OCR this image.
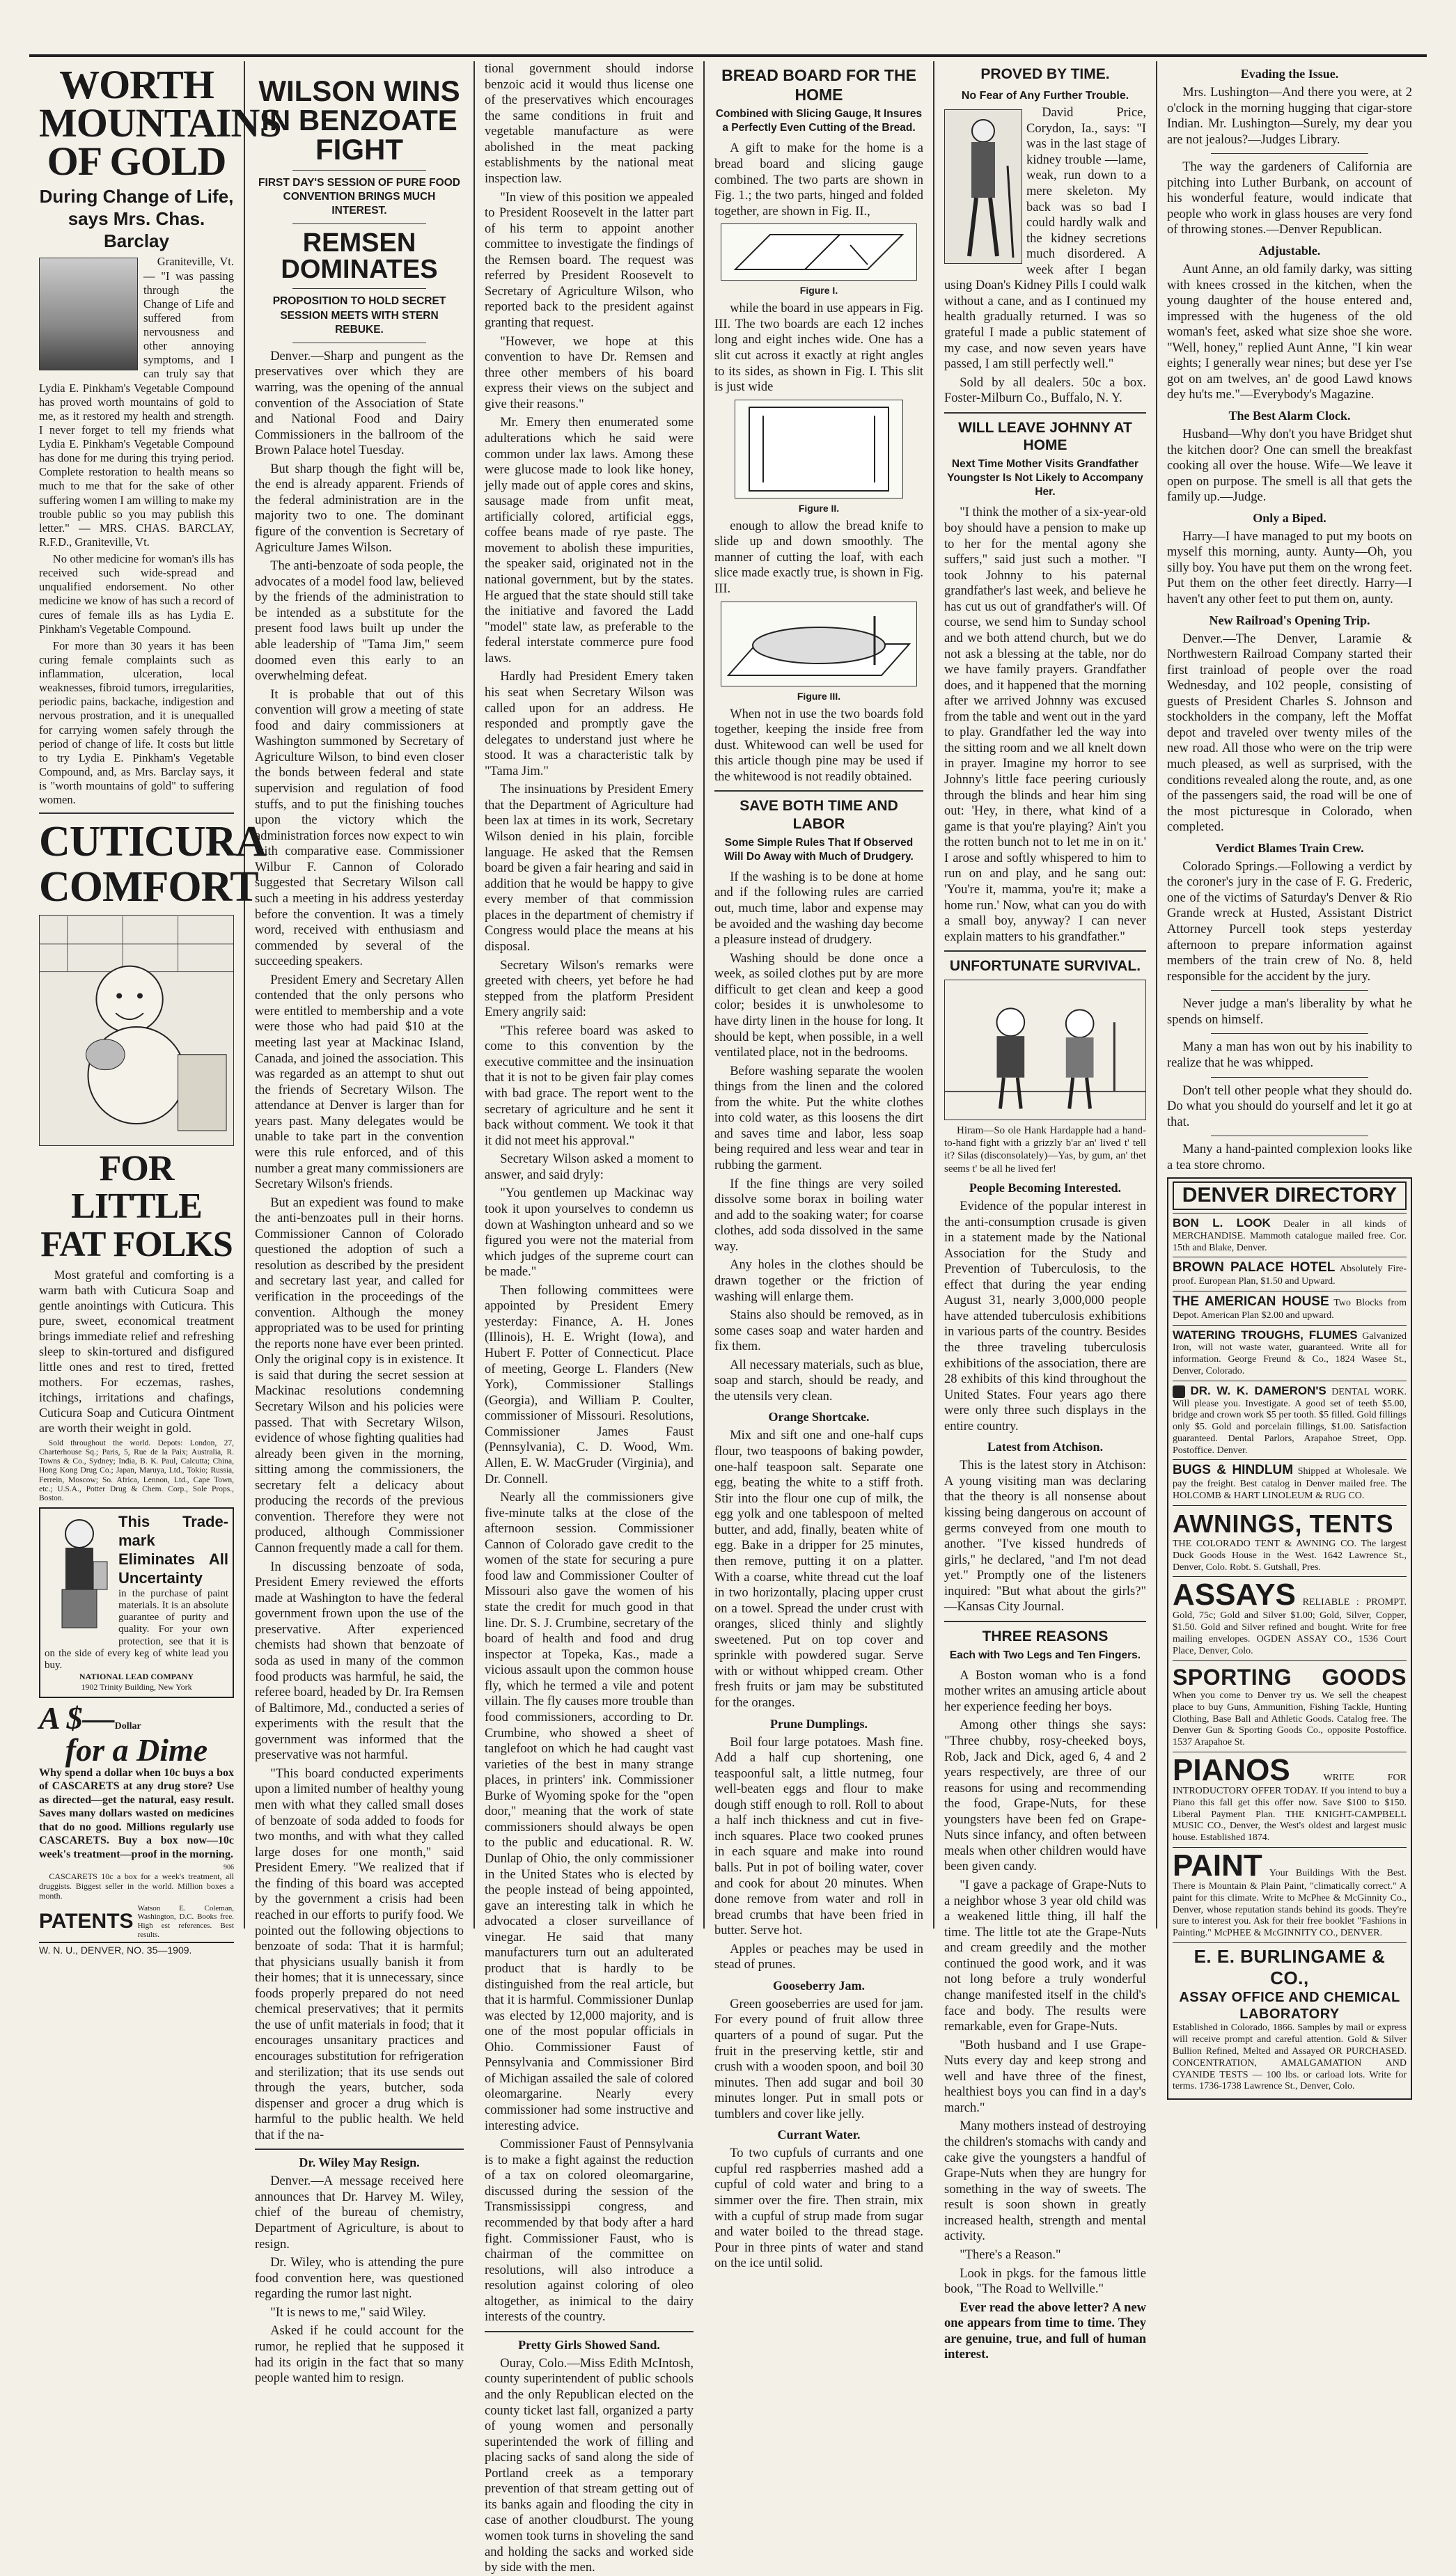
WORTH MOUNTAINS OF GOLD
During Change of Life, says Mrs. Chas. Barclay

Graniteville, Vt. — "I was passing through the Change of Life and suffered from nervousness and other annoying symptoms, and I can truly say that Lydia E. Pinkham's Vegetable Compound has proved worth mountains of gold to me, as it restored my health and strength. I never forget to tell my friends what Lydia E. Pinkham's Vegetable Compound has done for me during this trying period. Complete restoration to health means so much to me that for the sake of other suffering women I am willing to make my trouble public so you may publish this letter." — MRS. CHAS. BARCLAY, R.F.D., Graniteville, Vt.

No other medicine for woman's ills has received such wide-spread and unqualified endorsement. No other medicine we know of has such a record of cures of female ills as has Lydia E. Pinkham's Vegetable Compound.

For more than 30 years it has been curing female complaints such as inflammation, ulceration, local weaknesses, fibroid tumors, irregularities, periodic pains, backache, indigestion and nervous prostration, and it is unequalled for carrying women safely through the period of change of life. It costs but little to try Lydia E. Pinkham's Vegetable Compound, and, as Mrs. Barclay says, it is "worth mountains of gold" to suffering women.

CUTICURA COMFORT
FOR LITTLE FAT FOLKS

Most grateful and comforting is a warm bath with Cuticura Soap and gentle anointings with Cuticura. This pure, sweet, economical treatment brings immediate relief and refreshing sleep to skin-tortured and disfigured little ones and rest to tired, fretted mothers. For eczemas, rashes, itchings, irritations and chafings, Cuticura Soap and Cuticura Ointment are worth their weight in gold.

Sold throughout the world. Depots: London, 27, Charterhouse Sq.; Paris, 5, Rue de la Paix; Australia, R. Towns & Co., Sydney; India, B. K. Paul, Calcutta; China, Hong Kong Drug Co.; Japan, Maruya, Ltd., Tokio; Russia, Ferrein, Moscow; So. Africa, Lennon, Ltd., Cape Town, etc.; U.S.A., Potter Drug & Chem. Corp., Sole Props., Boston.

This Trade-mark Eliminates All Uncertainty
in the purchase of paint materials. It is an absolute guarantee of purity and quality. For your own protection, see that it is on the side of every keg of white lead you buy.
NATIONAL LEAD COMPANY
1902 Trinity Building, New York
A $—Dollar
for a Dime

Why spend a dollar when 10c buys a box of CASCARETS at any drug store? Use as directed—get the natural, easy result. Saves many dollars wasted on medicines that do no good. Millions regularly use CASCARETS. Buy a box now—10c week's treatment—proof in the morning.

906

CASCARETS 10c a box for a week's treatment, all druggists. Biggest seller in the world. Million boxes a month.

PATENTS
Watson E. Coleman, Washington, D.C. Books free. High est references. Best results.
W. N. U., DENVER, NO. 35—1909.
WILSON WINS IN BENZOATE FIGHT
FIRST DAY'S SESSION OF PURE FOOD CONVENTION BRINGS MUCH INTEREST.
REMSEN DOMINATES
PROPOSITION TO HOLD SECRET SESSION MEETS WITH STERN REBUKE.

Denver.—Sharp and pungent as the preservatives over which they are warring, was the opening of the annual convention of the Association of State and National Food and Dairy Commissioners in the ballroom of the Brown Palace hotel Tuesday.

But sharp though the fight will be, the end is already apparent. Friends of the federal administration are in the majority two to one. The dominant figure of the convention is Secretary of Agriculture James Wilson.

The anti-benzoate of soda people, the advocates of a model food law, believed by the friends of the administration to be intended as a substitute for the present food laws built up under the able leadership of "Tama Jim," seem doomed even this early to an overwhelming defeat.

It is probable that out of this convention will grow a meeting of state food and dairy commissioners at Washington summoned by Secretary of Agriculture Wilson, to bind even closer the bonds between federal and state supervision and regulation of food stuffs, and to put the finishing touches upon the victory which the administration forces now expect to win with comparative ease. Commissioner Wilbur F. Cannon of Colorado suggested that Secretary Wilson call such a meeting in his address yesterday before the convention. It was a timely word, received with enthusiasm and commended by several of the succeeding speakers.

President Emery and Secretary Allen contended that the only persons who were entitled to membership and a vote were those who had paid $10 at the meeting last year at Mackinac Island, Canada, and joined the association. This was regarded as an attempt to shut out the friends of Secretary Wilson. The attendance at Denver is larger than for years past. Many delegates would be unable to take part in the convention were this rule enforced, and of this number a great many commissioners are Secretary Wilson's friends.

But an expedient was found to make the anti-benzoates pull in their horns. Commissioner Cannon of Colorado questioned the adoption of such a resolution as described by the president and secretary last year, and called for verification in the proceedings of the convention. Although the money appropriated was to be used for printing the reports none have ever been printed. Only the original copy is in existence. It is said that during the secret session at Mackinac resolutions condemning Secretary Wilson and his policies were passed. That with Secretary Wilson, evidence of whose fighting qualities had already been given in the morning, sitting among the commissioners, the secretary felt a delicacy about producing the records of the previous convention. Therefore they were not produced, although Commissioner Cannon frequently made a call for them.

In discussing benzoate of soda, President Emery reviewed the efforts made at Washington to have the federal government frown upon the use of the preservative. After experienced chemists had shown that benzoate of soda as used in many of the common food products was harmful, he said, the referee board, headed by Dr. Ira Remsen of Baltimore, Md., conducted a series of experiments with the result that the government was informed that the preservative was not harmful.

"This board conducted experiments upon a limited number of healthy young men with what they called small doses of benzoate of soda added to foods for two months, and with what they called large doses for one month," said President Emery. "We realized that if the finding of this board was accepted by the government a crisis had been reached in our efforts to purify food. We pointed out the following objections to benzoate of soda: That it is harmful; that physicians usually banish it from their homes; that it is unnecessary, since foods properly prepared do not need chemical preservatives; that it permits the use of unfit materials in food; that it encourages unsanitary practices and encourages substitution for refrigeration and sterilization; that its use sends out through the years, butcher, soda dispenser and grocer a drug which is harmful to the public health. We held that if the na-

Dr. Wiley May Resign.

Denver.—A message received here announces that Dr. Harvey M. Wiley, chief of the bureau of chemistry, Department of Agriculture, is about to resign.

Dr. Wiley, who is attending the pure food convention here, was questioned regarding the rumor last night.

"It is news to me," said Wiley.

Asked if he could account for the rumor, he replied that he supposed it had its origin in the fact that so many people wanted him to resign.

tional government should indorse benzoic acid it would thus license one of the preservatives which encourages the same conditions in fruit and vegetable manufacture as were abolished in the meat packing establishments by the national meat inspection law.

"In view of this position we appealed to President Roosevelt in the latter part of his term to appoint another committee to investigate the findings of the Remsen board. The request was referred by President Roosevelt to Secretary of Agriculture Wilson, who reported back to the president against granting that request.

"However, we hope at this convention to have Dr. Remsen and three other members of his board express their views on the subject and give their reasons."

Mr. Emery then enumerated some adulterations which he said were common under lax laws. Among these were glucose made to look like honey, jelly made out of apple cores and skins, sausage made from unfit meat, artificially colored, artificial eggs, coffee beans made of rye paste. The movement to abolish these impurities, the speaker said, originated not in the national government, but by the states. He argued that the state should still take the initiative and favored the Ladd "model" state law, as preferable to the federal interstate commerce pure food laws.

Hardly had President Emery taken his seat when Secretary Wilson was called upon for an address. He responded and promptly gave the delegates to understand just where he stood. It was a characteristic talk by "Tama Jim."

The insinuations by President Emery that the Department of Agriculture had been lax at times in its work, Secretary Wilson denied in his plain, forcible language. He asked that the Remsen board be given a fair hearing and said in addition that he would be happy to give every member of that commission places in the department of chemistry if Congress would place the means at his disposal.

Secretary Wilson's remarks were greeted with cheers, yet before he had stepped from the platform President Emery angrily said:

"This referee board was asked to come to this convention by the executive committee and the insinuation that it is not to be given fair play comes with bad grace. The report went to the secretary of agriculture and he sent it back without comment. We took it that it did not meet his approval."

Secretary Wilson asked a moment to answer, and said dryly:

"You gentlemen up Mackinac way took it upon yourselves to condemn us down at Washington unheard and so we figured you were not the material from which judges of the supreme court can be made."

Then following committees were appointed by President Emery yesterday: Finance, A. H. Jones (Illinois), H. E. Wright (Iowa), and Hubert F. Potter of Connecticut. Place of meeting, George L. Flanders (New York), Commissioner Stallings (Georgia), and William P. Coulter, commissioner of Missouri. Resolutions, Commissioner James Faust (Pennsylvania), C. D. Wood, Wm. Allen, E. W. MacGruder (Virginia), and Dr. Connell.

Nearly all the commissioners give five-minute talks at the close of the afternoon session. Commissioner Cannon of Colorado gave credit to the women of the state for securing a pure food law and Commissioner Coulter of Missouri also gave the women of his state the credit for much good in that line. Dr. S. J. Crumbine, secretary of the board of health and food and drug inspector at Topeka, Kas., made a vicious assault upon the common house fly, which he termed a vile and potent villain. The fly causes more trouble than food commissioners, according to Dr. Crumbine, who showed a sheet of tanglefoot on which he had caught vast varieties of the best in many strange places, in printers' ink. Commissioner Burke of Wyoming spoke for the "open door," meaning that the work of state commissioners should always be open to the public and educational. R. W. Dunlap of Ohio, the only commissioner in the United States who is elected by the people instead of being appointed, gave an interesting talk in which he advocated a closer surveillance of vinegar. He said that many manufacturers turn out an adulterated product that is hardly to be distinguished from the real article, but that it is harmful. Commissioner Dunlap was elected by 12,000 majority, and is one of the most popular officials in Ohio. Commissioner Faust of Pennsylvania and Commissioner Bird of Michigan assailed the sale of colored oleomargarine. Nearly every commissioner had some instructive and interesting advice.

Commissioner Faust of Pennsylvania is to make a fight against the reduction of a tax on colored oleomargarine, discussed during the session of the Transmississippi congress, and recommended by that body after a hard fight. Commissioner Faust, who is chairman of the committee on resolutions, will also introduce a resolution against coloring of oleo altogether, as inimical to the dairy interests of the country.

Pretty Girls Showed Sand.

Ouray, Colo.—Miss Edith McIntosh, county superintendent of public schools and the only Republican elected on the county ticket last fall, organized a party of young women and personally superintended the work of filling and placing sacks of sand along the side of Portland creek as a temporary prevention of that stream getting out of its banks again and flooding the city in case of another cloudburst. The young women took turns in shoveling the sand and holding the sacks and worked side by side with the men.

BREAD BOARD FOR THE HOME
Combined with Slicing Gauge, It Insures a Perfectly Even Cutting of the Bread.

A gift to make for the home is a bread board and slicing gauge combined. The two parts are shown in Fig. 1.; the two parts, hinged and folded together, are shown in Fig. II.,

Figure I.

while the board in use appears in Fig. III. The two boards are each 12 inches long and eight inches wide. One has a slit cut across it exactly at right angles to its sides, as shown in Fig. I. This slit is just wide

Figure II.

enough to allow the bread knife to slide up and down smoothly. The manner of cutting the loaf, with each slice made exactly true, is shown in Fig. III.

Figure III.

When not in use the two boards fold together, keeping the inside free from dust. Whitewood can well be used for this article though pine may be used if the whitewood is not readily obtained.

SAVE BOTH TIME AND LABOR
Some Simple Rules That If Observed Will Do Away with Much of Drudgery.

If the washing is to be done at home and if the following rules are carried out, much time, labor and expense may be avoided and the washing day become a pleasure instead of drudgery.

Washing should be done once a week, as soiled clothes put by are more difficult to get clean and keep a good color; besides it is unwholesome to have dirty linen in the house for long. It should be kept, when possible, in a well ventilated place, not in the bedrooms.

Before washing separate the woolen things from the linen and the colored from the white. Put the white clothes into cold water, as this loosens the dirt and saves time and labor, less soap being required and less wear and tear in rubbing the garment.

If the fine things are very soiled dissolve some borax in boiling water and add to the soaking water; for coarse clothes, add soda dissolved in the same way.

Any holes in the clothes should be drawn together or the friction of washing will enlarge them.

Stains also should be removed, as in some cases soap and water harden and fix them.

All necessary materials, such as blue, soap and starch, should be ready, and the utensils very clean.

Orange Shortcake.

Mix and sift one and one-half cups flour, two teaspoons of baking powder, one-half teaspoon salt. Separate one egg, beating the white to a stiff froth. Stir into the flour one cup of milk, the egg yolk and one tablespoon of melted butter, and add, finally, beaten white of egg. Bake in a dripper for 25 minutes, then remove, putting it on a platter. With a coarse, white thread cut the loaf in two horizontally, placing upper crust on a towel. Spread the under crust with oranges, sliced thinly and slightly sweetened. Put on top cover and sprinkle with powdered sugar. Serve with or without whipped cream. Other fresh fruits or jam may be substituted for the oranges.

Prune Dumplings.

Boil four large potatoes. Mash fine. Add a half cup shortening, one teaspoonful salt, a little nutmeg, four well-beaten eggs and flour to make dough stiff enough to roll. Roll to about a half inch thickness and cut in five-inch squares. Place two cooked prunes in each square and make into round balls. Put in pot of boiling water, cover and cook for about 20 minutes. When done remove from water and roll in bread crumbs that have been fried in butter. Serve hot.

Apples or peaches may be used in stead of prunes.

Gooseberry Jam.

Green gooseberries are used for jam. For every pound of fruit allow three quarters of a pound of sugar. Put the fruit in the preserving kettle, stir and crush with a wooden spoon, and boil 30 minutes. Then add sugar and boil 30 minutes longer. Put in small pots or tumblers and cover like jelly.

Currant Water.

To two cupfuls of currants and one cupful red raspberries mashed add a cupful of cold water and bring to a simmer over the fire. Then strain, mix with a cupful of strup made from sugar and water boiled to the thread stage. Pour in three pints of water and stand on the ice until solid.

PROVED BY TIME.
No Fear of Any Further Trouble.

David Price, Corydon, Ia., says: "I was in the last stage of kidney trouble —lame, weak, run down to a mere skeleton. My back was so bad I could hardly walk and the kidney secretions much disordered. A week after I began using Doan's Kidney Pills I could walk without a cane, and as I continued my health gradually returned. I was so grateful I made a public statement of my case, and now seven years have passed, I am still perfectly well."

Sold by all dealers. 50c a box. Foster-Milburn Co., Buffalo, N. Y.

WILL LEAVE JOHNNY AT HOME
Next Time Mother Visits Grandfather Youngster Is Not Likely to Accompany Her.

"I think the mother of a six-year-old boy should have a pension to make up to her for the mental agony she suffers," said just such a mother. "I took Johnny to his paternal grandfather's last week, and believe he has cut us out of grandfather's will. Of course, we send him to Sunday school and we both attend church, but we do not ask a blessing at the table, nor do we have family prayers. Grandfather does, and it happened that the morning after we arrived Johnny was excused from the table and went out in the yard to play. Grandfather led the way into the sitting room and we all knelt down in prayer. Imagine my horror to see Johnny's little face peering curiously through the blinds and hear him sing out: 'Hey, in there, what kind of a game is that you're playing? Ain't you the rotten bunch not to let me in on it.' I arose and softly whispered to him to run on and play, and he sang out: 'You're it, mamma, you're it; make a home run.' Now, what can you do with a small boy, anyway? I can never explain matters to his grandfather."

UNFORTUNATE SURVIVAL.

Hiram—So ole Hank Hardapple had a hand-to-hand fight with a grizzly b'ar an' lived t' tell it? Silas (disconsolately)—Yas, by gum, an' thet seems t' be all he lived fer!

People Becoming Interested.

Evidence of the popular interest in the anti-consumption crusade is given in a statement made by the National Association for the Study and Prevention of Tuberculosis, to the effect that during the year ending August 31, nearly 3,000,000 people have attended tuberculosis exhibitions in various parts of the country. Besides the three traveling tuberculosis exhibitions of the association, there are 28 exhibits of this kind throughout the United States. Four years ago there were only three such displays in the entire country.

Latest from Atchison.

This is the latest story in Atchison: A young visiting man was declaring that the theory is all nonsense about kissing being dangerous on account of germs conveyed from one mouth to another. "I've kissed hundreds of girls," he declared, "and I'm not dead yet." Promptly one of the listeners inquired: "But what about the girls?" —Kansas City Journal.

THREE REASONS
Each with Two Legs and Ten Fingers.

A Boston woman who is a fond mother writes an amusing article about her experience feeding her boys.

Among other things she says: "Three chubby, rosy-cheeked boys, Rob, Jack and Dick, aged 6, 4 and 2 years respectively, are three of our reasons for using and recommending the food, Grape-Nuts, for these youngsters have been fed on Grape-Nuts since infancy, and often between meals when other children would have been given candy.

"I gave a package of Grape-Nuts to a neighbor whose 3 year old child was a weakened little thing, ill half the time. The little tot ate the Grape-Nuts and cream greedily and the mother continued the good work, and it was not long before a truly wonderful change manifested itself in the child's face and body. The results were remarkable, even for Grape-Nuts.

"Both husband and I use Grape-Nuts every day and keep strong and well and have three of the finest, healthiest boys you can find in a day's march."

Many mothers instead of destroying the children's stomachs with candy and cake give the youngsters a handful of Grape-Nuts when they are hungry for something in the way of sweets. The result is soon shown in greatly increased health, strength and mental activity.

"There's a Reason."

Look in pkgs. for the famous little book, "The Road to Wellville."

Ever read the above letter? A new one appears from time to time. They are genuine, true, and full of human interest.

Evading the Issue.

Mrs. Lushington—And there you were, at 2 o'clock in the morning hugging that cigar-store Indian. Mr. Lushington—Surely, my dear you are not jealous?—Judges Library.

The way the gardeners of California are pitching into Luther Burbank, on account of his wonderful feature, would indicate that people who work in glass houses are very fond of throwing stones.—Denver Republican.

Adjustable.

Aunt Anne, an old family darky, was sitting with knees crossed in the kitchen, when the young daughter of the house entered and, impressed with the hugeness of the old woman's feet, asked what size shoe she wore. "Well, honey," replied Aunt Anne, "I kin wear eights; I generally wear nines; but dese yer I'se got on am twelves, an' de good Lawd knows dey hu'ts me."—Everybody's Magazine.

The Best Alarm Clock.

Husband—Why don't you have Bridget shut the kitchen door? One can smell the breakfast cooking all over the house. Wife—We leave it open on purpose. The smell is all that gets the family up.—Judge.

Only a Biped.

Harry—I have managed to put my boots on myself this morning, aunty. Aunty—Oh, you silly boy. You have put them on the wrong feet. Put them on the other feet directly. Harry—I haven't any other feet to put them on, aunty.

New Railroad's Opening Trip.

Denver.—The Denver, Laramie & Northwestern Railroad Company started their first trainload of people over the road Wednesday, and 102 people, consisting of guests of President Charles S. Johnson and stockholders in the company, left the Moffat depot and traveled over twenty miles of the new road. All those who were on the trip were much pleased, as well as surprised, with the conditions revealed along the route, and, as one of the passengers said, the road will be one of the most picturesque in Colorado, when completed.

Verdict Blames Train Crew.

Colorado Springs.—Following a verdict by the coroner's jury in the case of F. G. Frederic, one of the victims of Saturday's Denver & Rio Grande wreck at Husted, Assistant District Attorney Purcell took steps yesterday afternoon to prepare information against members of the train crew of No. 8, held responsible for the accident by the jury.

Never judge a man's liberality by what he spends on himself.

Many a man has won out by his inability to realize that he was whipped.

Don't tell other people what they should do. Do what you should do yourself and let it go at that.

Many a hand-painted complexion looks like a tea store chromo.

DENVER DIRECTORY
BON L. LOOK Dealer in all kinds of MERCHANDISE. Mammoth catalogue mailed free. Cor. 15th and Blake, Denver.
BROWN PALACE HOTEL Absolutely Fire-proof. European Plan, $1.50 and Upward.
THE AMERICAN HOUSE Two Blocks from Depot. American Plan $2.00 and upward.
WATERING TROUGHS, FLUMES Galvanized Iron, will not waste water, guaranteed. Write all for information. George Freund & Co., 1824 Wasee St., Denver, Colorado.
DR. W. K. DAMERON'S DENTAL WORK. Will please you. Investigate. A good set of teeth $5.00, bridge and crown work $5 per tooth. $5 filled. Gold fillings only $5. Gold and porcelain fillings, $1.00. Satisfaction guaranteed. Dental Parlors, Arapahoe Street, Opp. Postoffice. Denver.
BUGS & HINDLUM Shipped at Wholesale. We pay the freight. Best catalog in Denver mailed free. The HOLCOMB & HART LINOLEUM & RUG CO.
AWNINGS, TENTS
THE COLORADO TENT & AWNING CO. The largest Duck Goods House in the West. 1642 Lawrence St., Denver, Colo. Robt. S. Gutshall, Pres.
ASSAYS RELIABLE : PROMPT. Gold, 75c; Gold and Silver $1.00; Gold, Silver, Copper, $1.50. Gold and Silver refined and bought. Write for free mailing envelopes. OGDEN ASSAY CO., 1536 Court Place, Denver, Colo.
SPORTING GOODS When you come to Denver try us. We sell the cheapest place to buy Guns, Ammunition, Fishing Tackle, Hunting Clothing, Base Ball and Athletic Goods. Catalog free. The Denver Gun & Sporting Goods Co., opposite Postoffice. 1537 Arapahoe St.
PIANOS	WRITE FOR INTRODUCTORY OFFER TODAY. If you intend to buy a Piano this fall get this offer now. Save $100 to $150. Liberal Payment Plan. THE KNIGHT-CAMPBELL MUSIC CO., Denver, the West's oldest and largest music house. Established 1874.
PAINT Your Buildings With the Best. There is Mountain & Plain Paint, "climatically correct." A paint for this climate. Write to McPhee & McGinnity Co., Denver, whose reputation stands behind its goods. They're sure to interest you. Ask for their free booklet "Fashions in Painting." McPHEE & McGINNITY CO., DENVER.
E. E. BURLINGAME & CO.,
ASSAY OFFICE AND CHEMICAL LABORATORY
Established in Colorado, 1866. Samples by mail or express will receive prompt and careful attention. Gold & Silver Bullion Refined, Melted and Assayed OR PURCHASED. CONCENTRATION, AMALGAMATION AND CYANIDE TESTS — 100 lbs. or carload lots. Write for terms. 1736-1738 Lawrence St., Denver, Colo.
